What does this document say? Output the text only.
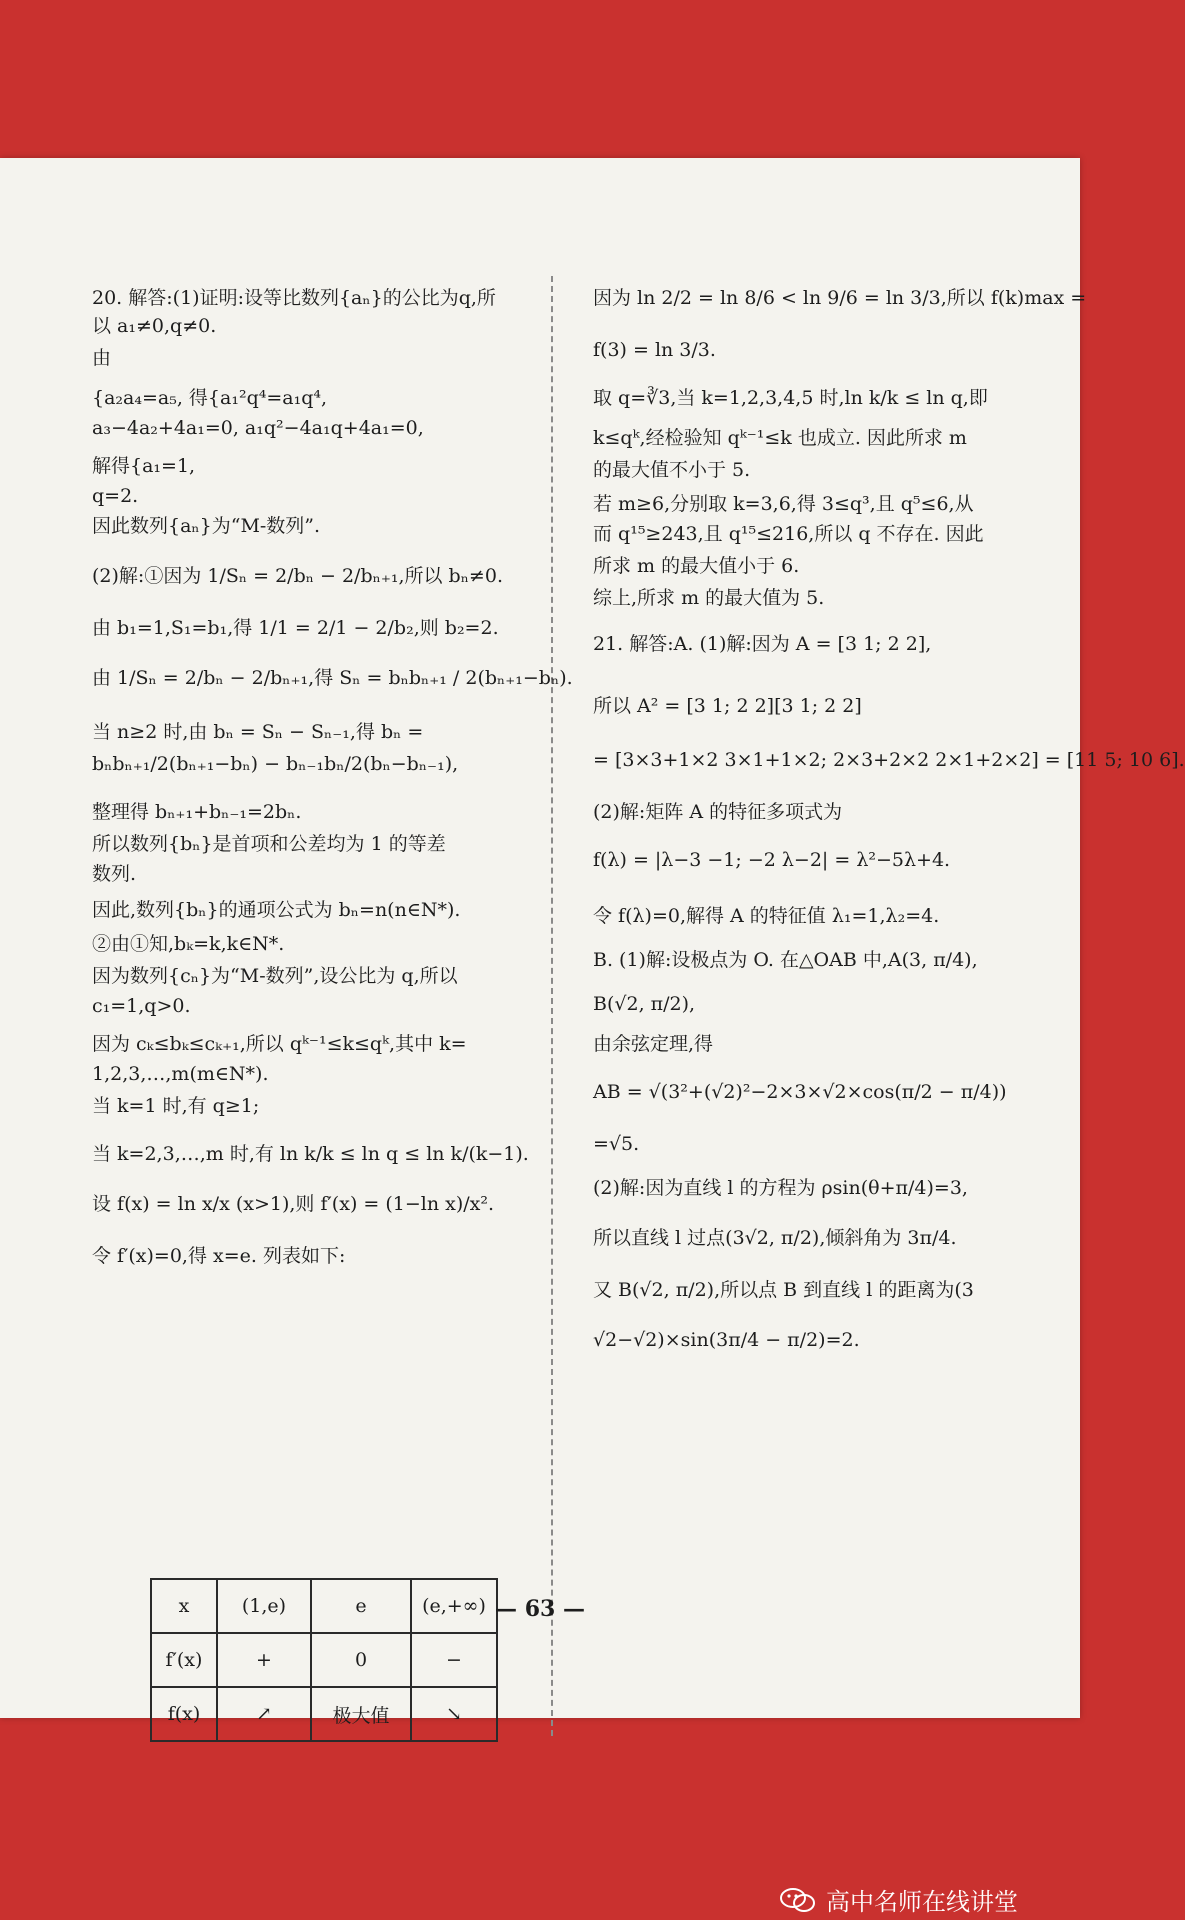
20. 解答:(1)证明:设等比数列{aₙ}的公比为q,所
以 a₁≠0,q≠0.
由
{a₂a₄=a₅, 得{a₁²q⁴=a₁q⁴,
a₃−4a₂+4a₁=0, a₁q²−4a₁q+4a₁=0,
解得{a₁=1,
q=2.
因此数列{aₙ}为“M-数列”.
(2)解:①因为 1/Sₙ = 2/bₙ − 2/bₙ₊₁,所以 bₙ≠0.
由 b₁=1,S₁=b₁,得 1/1 = 2/1 − 2/b₂,则 b₂=2.
由 1/Sₙ = 2/bₙ − 2/bₙ₊₁,得 Sₙ = bₙbₙ₊₁ / 2(bₙ₊₁−bₙ).
当 n≥2 时,由 bₙ = Sₙ − Sₙ₋₁,得 bₙ =
bₙbₙ₊₁/2(bₙ₊₁−bₙ) − bₙ₋₁bₙ/2(bₙ−bₙ₋₁),
整理得 bₙ₊₁+bₙ₋₁=2bₙ.
所以数列{bₙ}是首项和公差均为 1 的等差
数列.
因此,数列{bₙ}的通项公式为 bₙ=n(n∈N*).
②由①知,bₖ=k,k∈N*.
因为数列{cₙ}为“M-数列”,设公比为 q,所以
c₁=1,q>0.
因为 cₖ≤bₖ≤cₖ₊₁,所以 qᵏ⁻¹≤k≤qᵏ,其中 k=
1,2,3,…,m(m∈N*).
当 k=1 时,有 q≥1;
当 k=2,3,…,m 时,有 ln k/k ≤ ln q ≤ ln k/(k−1).
设 f(x) = ln x/x (x>1),则 f′(x) = (1−ln x)/x².
令 f′(x)=0,得 x=e. 列表如下:
因为 ln 2/2 = ln 8/6 < ln 9/6 = ln 3/3,所以 f(k)max =
f(3) = ln 3/3.
取 q=∛3,当 k=1,2,3,4,5 时,ln k/k ≤ ln q,即
k≤qᵏ,经检验知 qᵏ⁻¹≤k 也成立. 因此所求 m
的最大值不小于 5.
若 m≥6,分别取 k=3,6,得 3≤q³,且 q⁵≤6,从
而 q¹⁵≥243,且 q¹⁵≤216,所以 q 不存在. 因此
所求 m 的最大值小于 6.
综上,所求 m 的最大值为 5.
21. 解答:A. (1)解:因为 A = [3 1; 2 2],
所以 A² = [3 1; 2 2][3 1; 2 2]
= [3×3+1×2 3×1+1×2; 2×3+2×2 2×1+2×2] = [11 5; 10 6].
(2)解:矩阵 A 的特征多项式为
f(λ) = |λ−3 −1; −2 λ−2| = λ²−5λ+4.
令 f(λ)=0,解得 A 的特征值 λ₁=1,λ₂=4.
B. (1)解:设极点为 O. 在△OAB 中,A(3, π/4),
B(√2, π/2),
由余弦定理,得
AB = √(3²+(√2)²−2×3×√2×cos(π/2 − π/4))
=√5.
(2)解:因为直线 l 的方程为 ρsin(θ+π/4)=3,
所以直线 l 过点(3√2, π/2),倾斜角为 3π/4.
又 B(√2, π/2),所以点 B 到直线 l 的距离为(3
√2−√2)×sin(3π/4 − π/2)=2.
x	(1,e)	e	(e,+∞)
f′(x)	+	0	−
f(x)	↗	极大值	↘
— 63 —
高中名师在线讲堂
